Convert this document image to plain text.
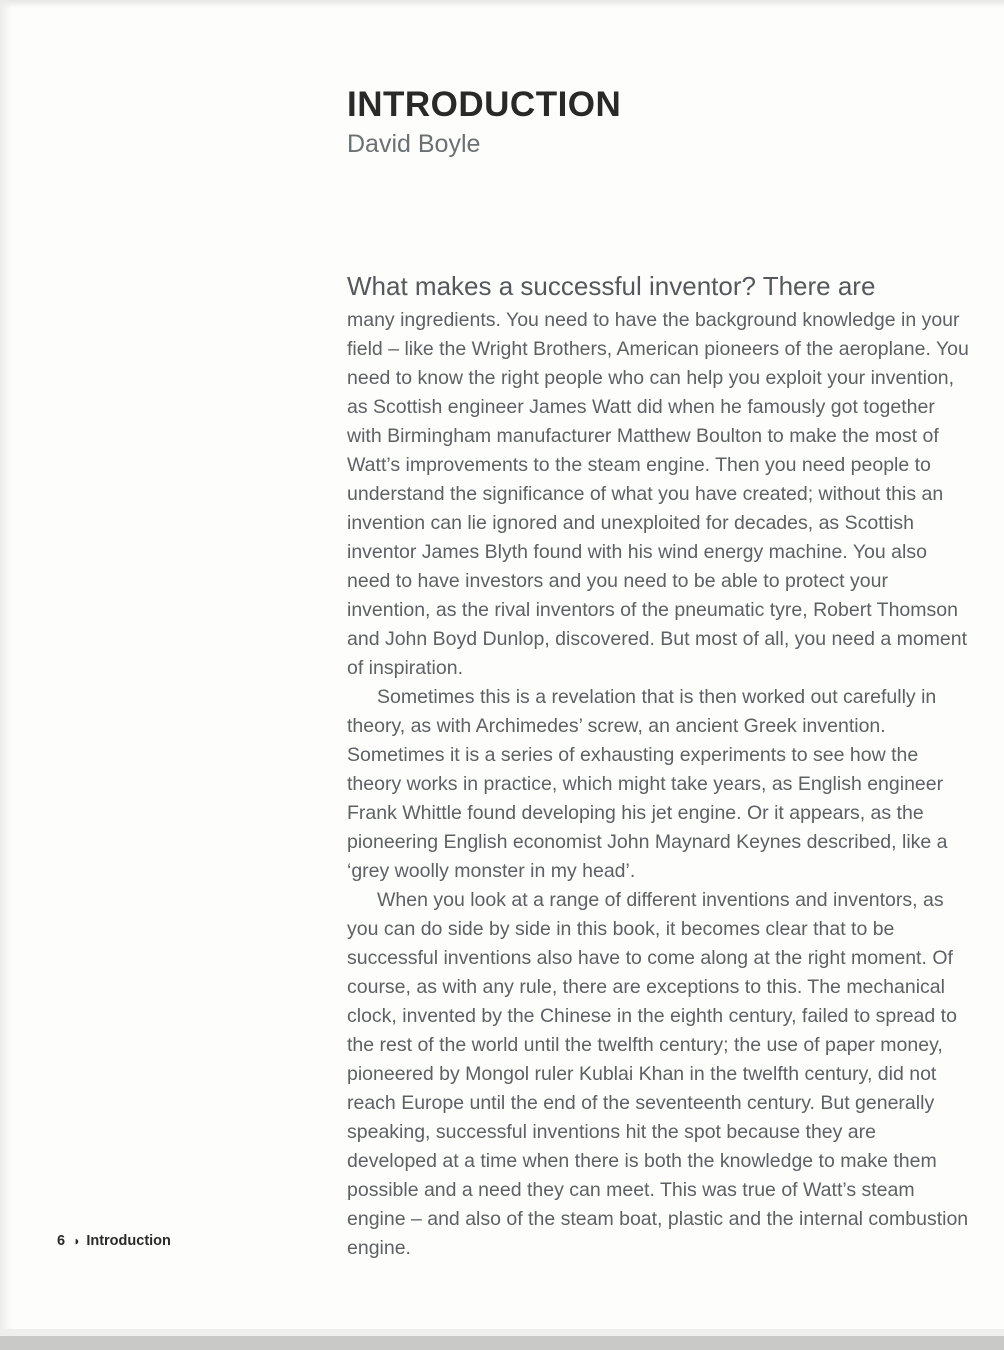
INTRODUCTION
David Boyle
What makes a successful inventor? There are

many ingredients. You need to have the background knowledge in your field – like the Wright Brothers, American pioneers of the aeroplane. You need to know the right people who can help you exploit your invention, as Scottish engineer James Watt did when he famously got together with Birmingham manufacturer Matthew Boulton to make the most of Watt’s improvements to the steam engine. Then you need people to understand the significance of what you have created; without this an invention can lie ignored and unexploited for decades, as Scottish inventor James Blyth found with his wind energy machine. You also need to have investors and you need to be able to protect your invention, as the rival inventors of the pneumatic tyre, Robert Thomson and John Boyd Dunlop, discovered. But most of all, you need a moment of inspiration.

Sometimes this is a revelation that is then worked out carefully in theory, as with Archimedes’ screw, an ancient Greek invention. Sometimes it is a series of exhausting experiments to see how the theory works in practice, which might take years, as English engineer Frank Whittle found developing his jet engine. Or it appears, as the pioneering English economist John Maynard Keynes described, like a ‘grey woolly monster in my head’.

When you look at a range of different inventions and inventors, as you can do side by side in this book, it becomes clear that to be successful inventions also have to come along at the right moment. Of course, as with any rule, there are exceptions to this. The mechanical clock, invented by the Chinese in the eighth century, failed to spread to the rest of the world until the twelfth century; the use of paper money, pioneered by Mongol ruler Kublai Khan in the twelfth century, did not reach Europe until the end of the seventeenth century. But generally speaking, successful inventions hit the spot because they are developed at a time when there is both the knowledge to make them possible and a need they can meet. This was true of Watt’s steam engine – and also of the steam boat, plastic and the internal combustion engine.

6 ◑ Introduction
